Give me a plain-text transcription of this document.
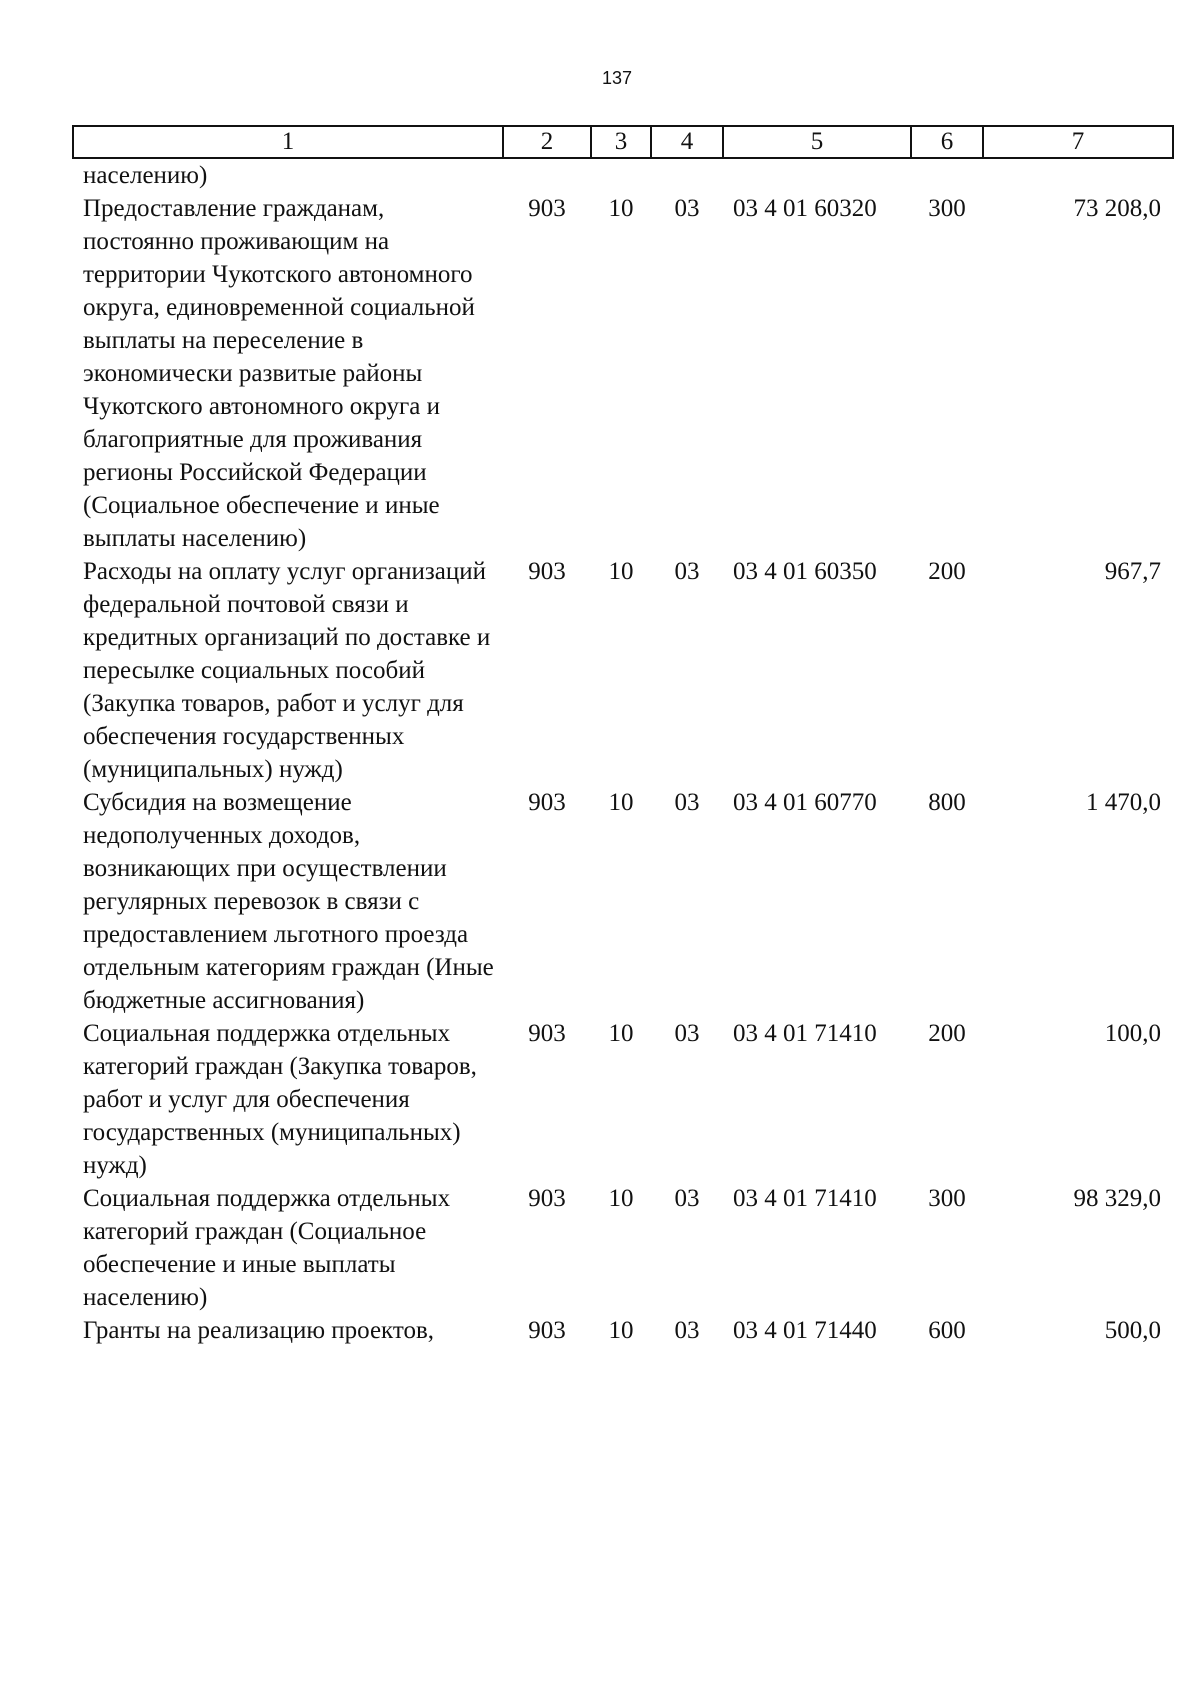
137
1	2	3	4	5	6	7
населению)						
Предоставление гражданам, постоянно проживающим на территории Чукотского автономного округа, единовременной социальной выплаты на переселение в экономически развитые районы Чукотского автономного округа и благоприятные для проживания регионы Российской Федерации (Социальное обеспечение и иные выплаты населению)	903	10	03	03 4 01 60320	300	73 208,0
Расходы на оплату услуг организаций федеральной почтовой связи и кредитных организаций по доставке и пересылке социальных пособий (Закупка товаров, работ и услуг для обеспечения государственных (муниципальных) нужд)	903	10	03	03 4 01 60350	200	967,7
Субсидия на возмещение недополученных доходов, возникающих при осуществлении регулярных перевозок в связи с предоставлением льготного проезда отдельным категориям граждан (Иные бюджетные ассигнования)	903	10	03	03 4 01 60770	800	1 470,0
Социальная поддержка отдельных категорий граждан (Закупка товаров, работ и услуг для обеспечения государственных (муниципальных) нужд)	903	10	03	03 4 01 71410	200	100,0
Социальная поддержка отдельных категорий граждан (Социальное обеспечение и иные выплаты населению)	903	10	03	03 4 01 71410	300	98 329,0
Гранты на реализацию проектов,	903	10	03	03 4 01 71440	600	500,0
